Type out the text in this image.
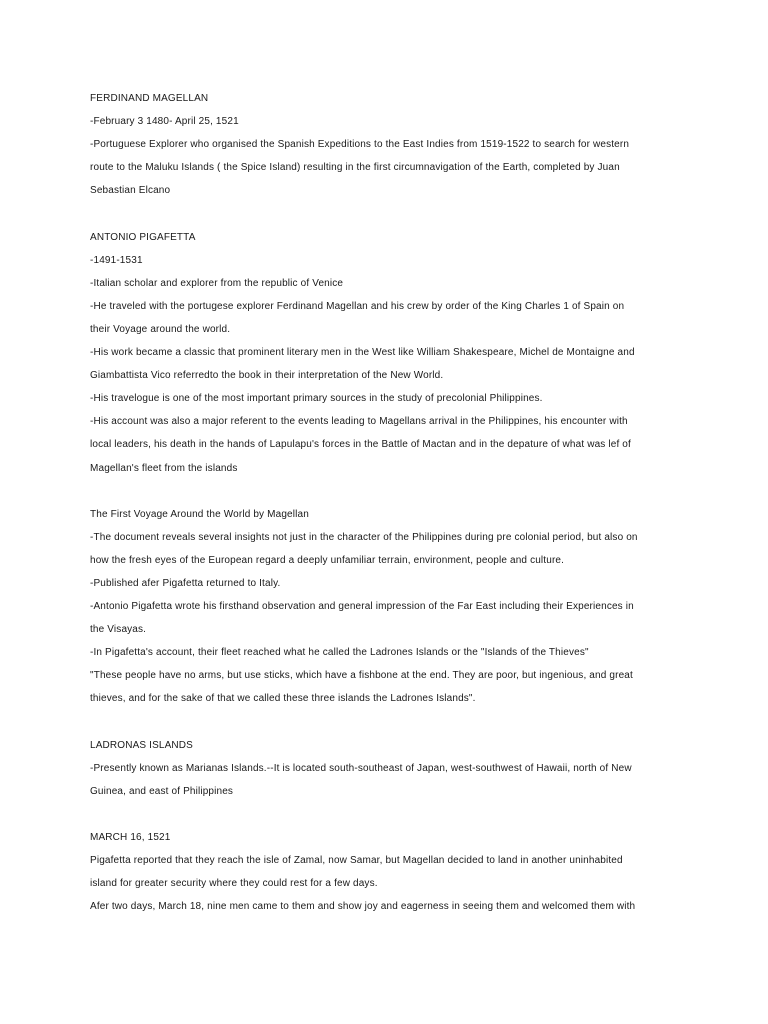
FERDINAND MAGELLAN
-February 3 1480- April 25, 1521
-Portuguese Explorer who organised the Spanish Expeditions to the East Indies from 1519-1522 to search for western
route to the Maluku Islands ( the Spice Island) resulting in the first circumnavigation of the Earth, completed by Juan
Sebastian Elcano
ANTONIO PIGAFETTA
-1491-1531
-Italian scholar and explorer from the republic of Venice
-He traveled with the portugese explorer Ferdinand Magellan and his crew by order of the King Charles 1 of Spain on
their Voyage around the world.
-His work became a classic that prominent literary men in the West like William Shakespeare, Michel de Montaigne and
Giambattista Vico referredto the book in their interpretation of the New World.
-His travelogue is one of the most important primary sources in the study of precolonial Philippines.
-His account was also a major referent to the events leading to Magellans arrival in the Philippines, his encounter with
local leaders, his death in the hands of Lapulapu's forces in the Battle of Mactan and in the depature of what was lef of
Magellan's fleet from the islands
The First Voyage Around the World by Magellan
-The document reveals several insights not just in the character of the Philippines during pre colonial period, but also on
how the fresh eyes of the European regard a deeply unfamiliar terrain, environment, people and culture.
-Published afer Pigafetta returned to Italy.
-Antonio Pigafetta wrote his firsthand observation and general impression of the Far East including their Experiences in
the Visayas.
-In Pigafetta's account, their fleet reached what he called the Ladrones Islands or the "Islands of the Thieves"
"These people have no arms, but use sticks, which have a fishbone at the end. They are poor, but ingenious, and great
thieves, and for the sake of that we called these three islands the Ladrones Islands".
LADRONAS ISLANDS
-Presently known as Marianas Islands.--It is located south-southeast of Japan, west-southwest of Hawaii, north of New
Guinea, and east of Philippines
MARCH 16, 1521
Pigafetta reported that they reach the isle of Zamal, now Samar, but Magellan decided to land in another uninhabited
island for greater security where they could rest for a few days.
Afer two days, March 18, nine men came to them and show joy and eagerness in seeing them and welcomed them with
